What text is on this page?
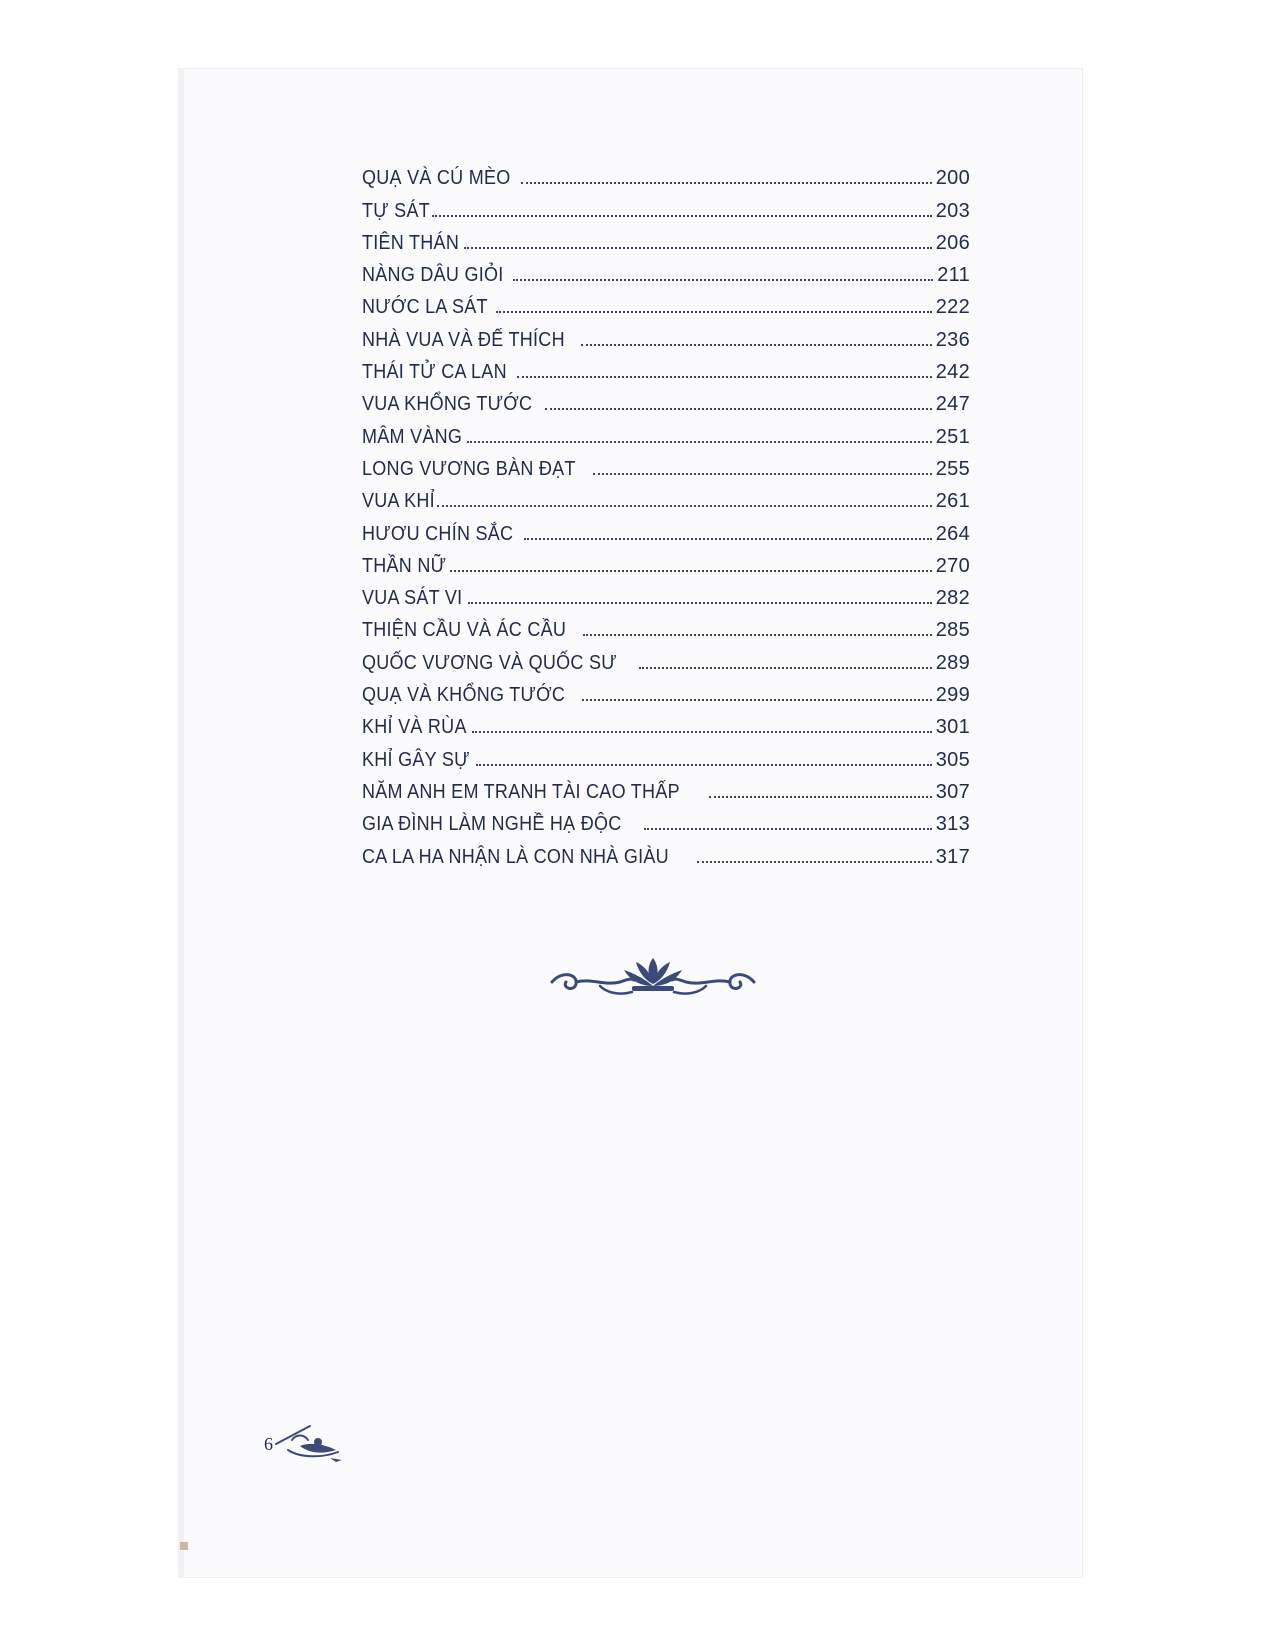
QUẠ VÀ CÚ MÈO	200
TỰ SÁT	203
TIÊN THÁN	206
NÀNG DÂU GIỎI	211
NƯỚC LA SÁT	222
NHÀ VUA VÀ ĐẾ THÍCH	236
THÁI TỬ CA LAN	242
VUA KHỔNG TƯỚC	247
MÂM VÀNG	251
LONG VƯƠNG BÀN ĐẠT	255
VUA KHỈ	261
HƯƠU CHÍN SẮC	264
THẦN NỮ	270
VUA SÁT VI	282
THIỆN CẦU VÀ ÁC CẦU	285
QUỐC VƯƠNG VÀ QUỐC SƯ	289
QUẠ VÀ KHỔNG TƯỚC	299
KHỈ VÀ RÙA	301
KHỈ GÂY SỰ	305
NĂM ANH EM TRANH TÀI CAO THẤP	307
GIA ĐÌNH LÀM NGHỀ HẠ ĐỘC	313
CA LA HA NHẬN LÀ CON NHÀ GIÀU	317
6
